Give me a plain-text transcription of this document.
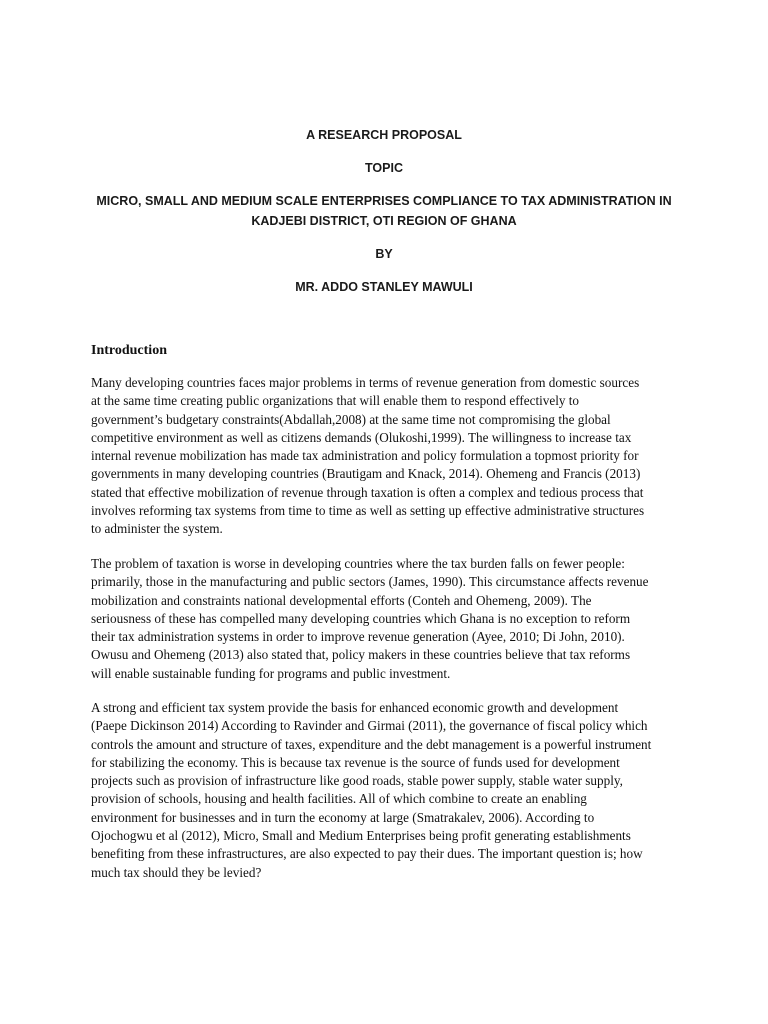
A RESEARCH PROPOSAL
TOPIC
MICRO, SMALL AND MEDIUM SCALE ENTERPRISES COMPLIANCE TO TAX ADMINISTRATION IN
KADJEBI DISTRICT, OTI REGION OF GHANA
BY
MR. ADDO STANLEY MAWULI
Introduction
Many developing countries faces major problems in terms of revenue generation from domestic sources
at the same time creating public organizations that will enable them to respond effectively to
government’s budgetary constraints(Abdallah,2008) at the same time not compromising the global
competitive environment as well as citizens demands (Olukoshi,1999). The willingness to increase tax
internal revenue mobilization has made tax administration and policy formulation a topmost priority for
governments in many developing countries (Brautigam and Knack, 2014). Ohemeng and Francis (2013)
stated that effective mobilization of revenue through taxation is often a complex and tedious process that
involves reforming tax systems from time to time as well as setting up effective administrative structures
to administer the system.
The problem of taxation is worse in developing countries where the tax burden falls on fewer people:
primarily, those in the manufacturing and public sectors (James, 1990). This circumstance affects revenue
mobilization and constraints national developmental efforts (Conteh and Ohemeng, 2009). The
seriousness of these has compelled many developing countries which Ghana is no exception to reform
their tax administration systems in order to improve revenue generation (Ayee, 2010; Di John, 2010).
Owusu and Ohemeng (2013) also stated that, policy makers in these countries believe that tax reforms
will enable sustainable funding for programs and public investment.
A strong and efficient tax system provide the basis for enhanced economic growth and development
(Paepe Dickinson 2014) According to Ravinder and Girmai (2011), the governance of fiscal policy which
controls the amount and structure of taxes, expenditure and the debt management is a powerful instrument
for stabilizing the economy. This is because tax revenue is the source of funds used for development
projects such as provision of infrastructure like good roads, stable power supply, stable water supply,
provision of schools, housing and health facilities. All of which combine to create an enabling
environment for businesses and in turn the economy at large (Smatrakalev, 2006). According to
Ojochogwu et al (2012), Micro, Small and Medium Enterprises being profit generating establishments
benefiting from these infrastructures, are also expected to pay their dues. The important question is; how
much tax should they be levied?
